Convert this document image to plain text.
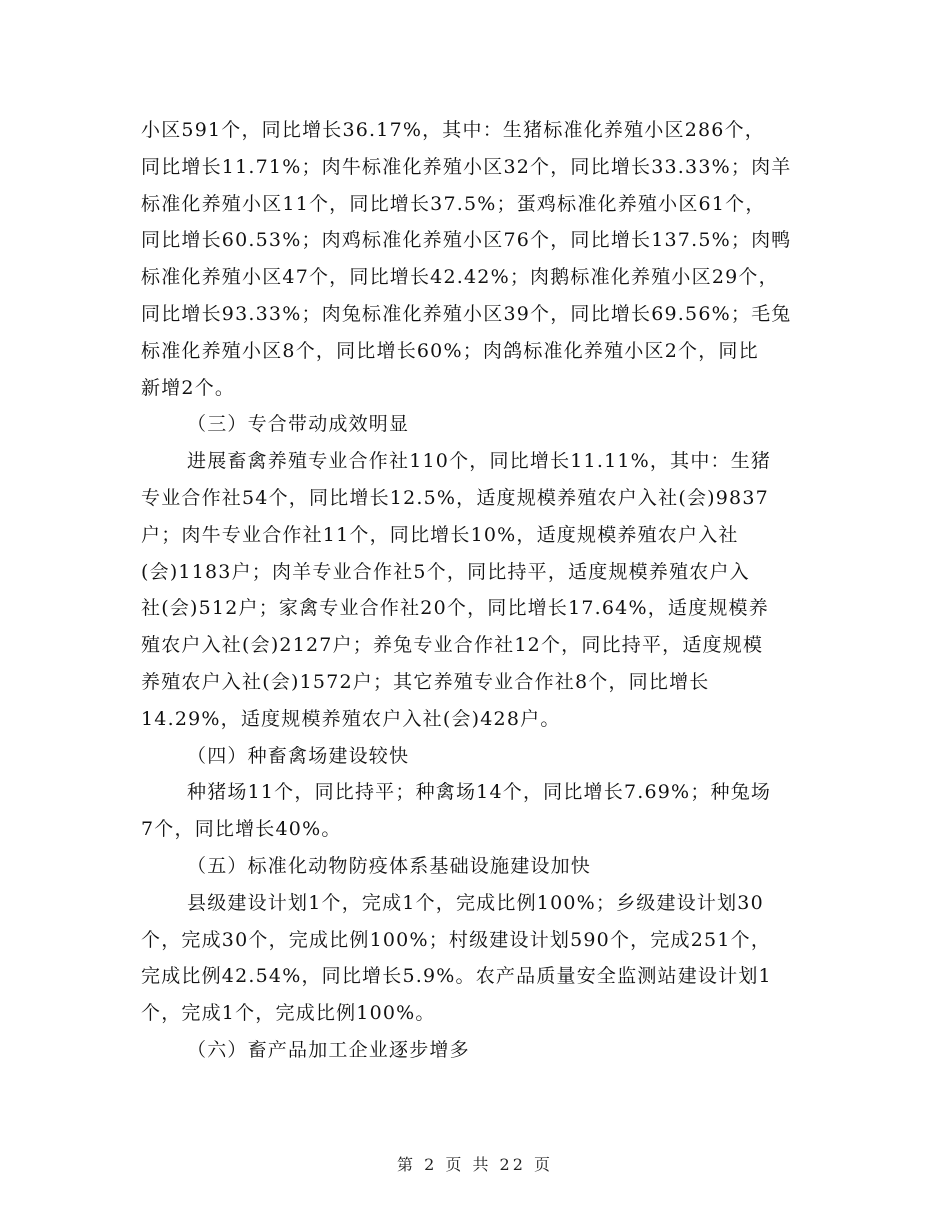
小区591个，同比增长36.17%，其中：生猪标准化养殖小区286个，
同比增长11.71%；肉牛标准化养殖小区32个，同比增长33.33%；肉羊
标准化养殖小区11个，同比增长37.5%；蛋鸡标准化养殖小区61个，
同比增长60.53%；肉鸡标准化养殖小区76个，同比增长137.5%；肉鸭
标准化养殖小区47个，同比增长42.42%；肉鹅标准化养殖小区29个，
同比增长93.33%；肉兔标准化养殖小区39个，同比增长69.56%；毛兔
标准化养殖小区8个，同比增长60%；肉鸽标准化养殖小区2个，同比
新增2个。
（三）专合带动成效明显
进展畜禽养殖专业合作社110个，同比增长11.11%，其中：生猪
专业合作社54个，同比增长12.5%，适度规模养殖农户入社(会)9837
户；肉牛专业合作社11个，同比增长10%，适度规模养殖农户入社
(会)1183户；肉羊专业合作社5个，同比持平，适度规模养殖农户入
社(会)512户；家禽专业合作社20个，同比增长17.64%，适度规模养
殖农户入社(会)2127户；养兔专业合作社12个，同比持平，适度规模
养殖农户入社(会)1572户；其它养殖专业合作社8个，同比增长
14.29%，适度规模养殖农户入社(会)428户。
（四）种畜禽场建设较快
种猪场11个，同比持平；种禽场14个，同比增长7.69%；种兔场
7个，同比增长40%。
（五）标准化动物防疫体系基础设施建设加快
县级建设计划1个，完成1个，完成比例100%；乡级建设计划30
个，完成30个，完成比例100%；村级建设计划590个，完成251个，
完成比例42.54%，同比增长5.9%。农产品质量安全监测站建设计划1
个，完成1个，完成比例100%。
（六）畜产品加工企业逐步增多
第 2 页 共 22 页
